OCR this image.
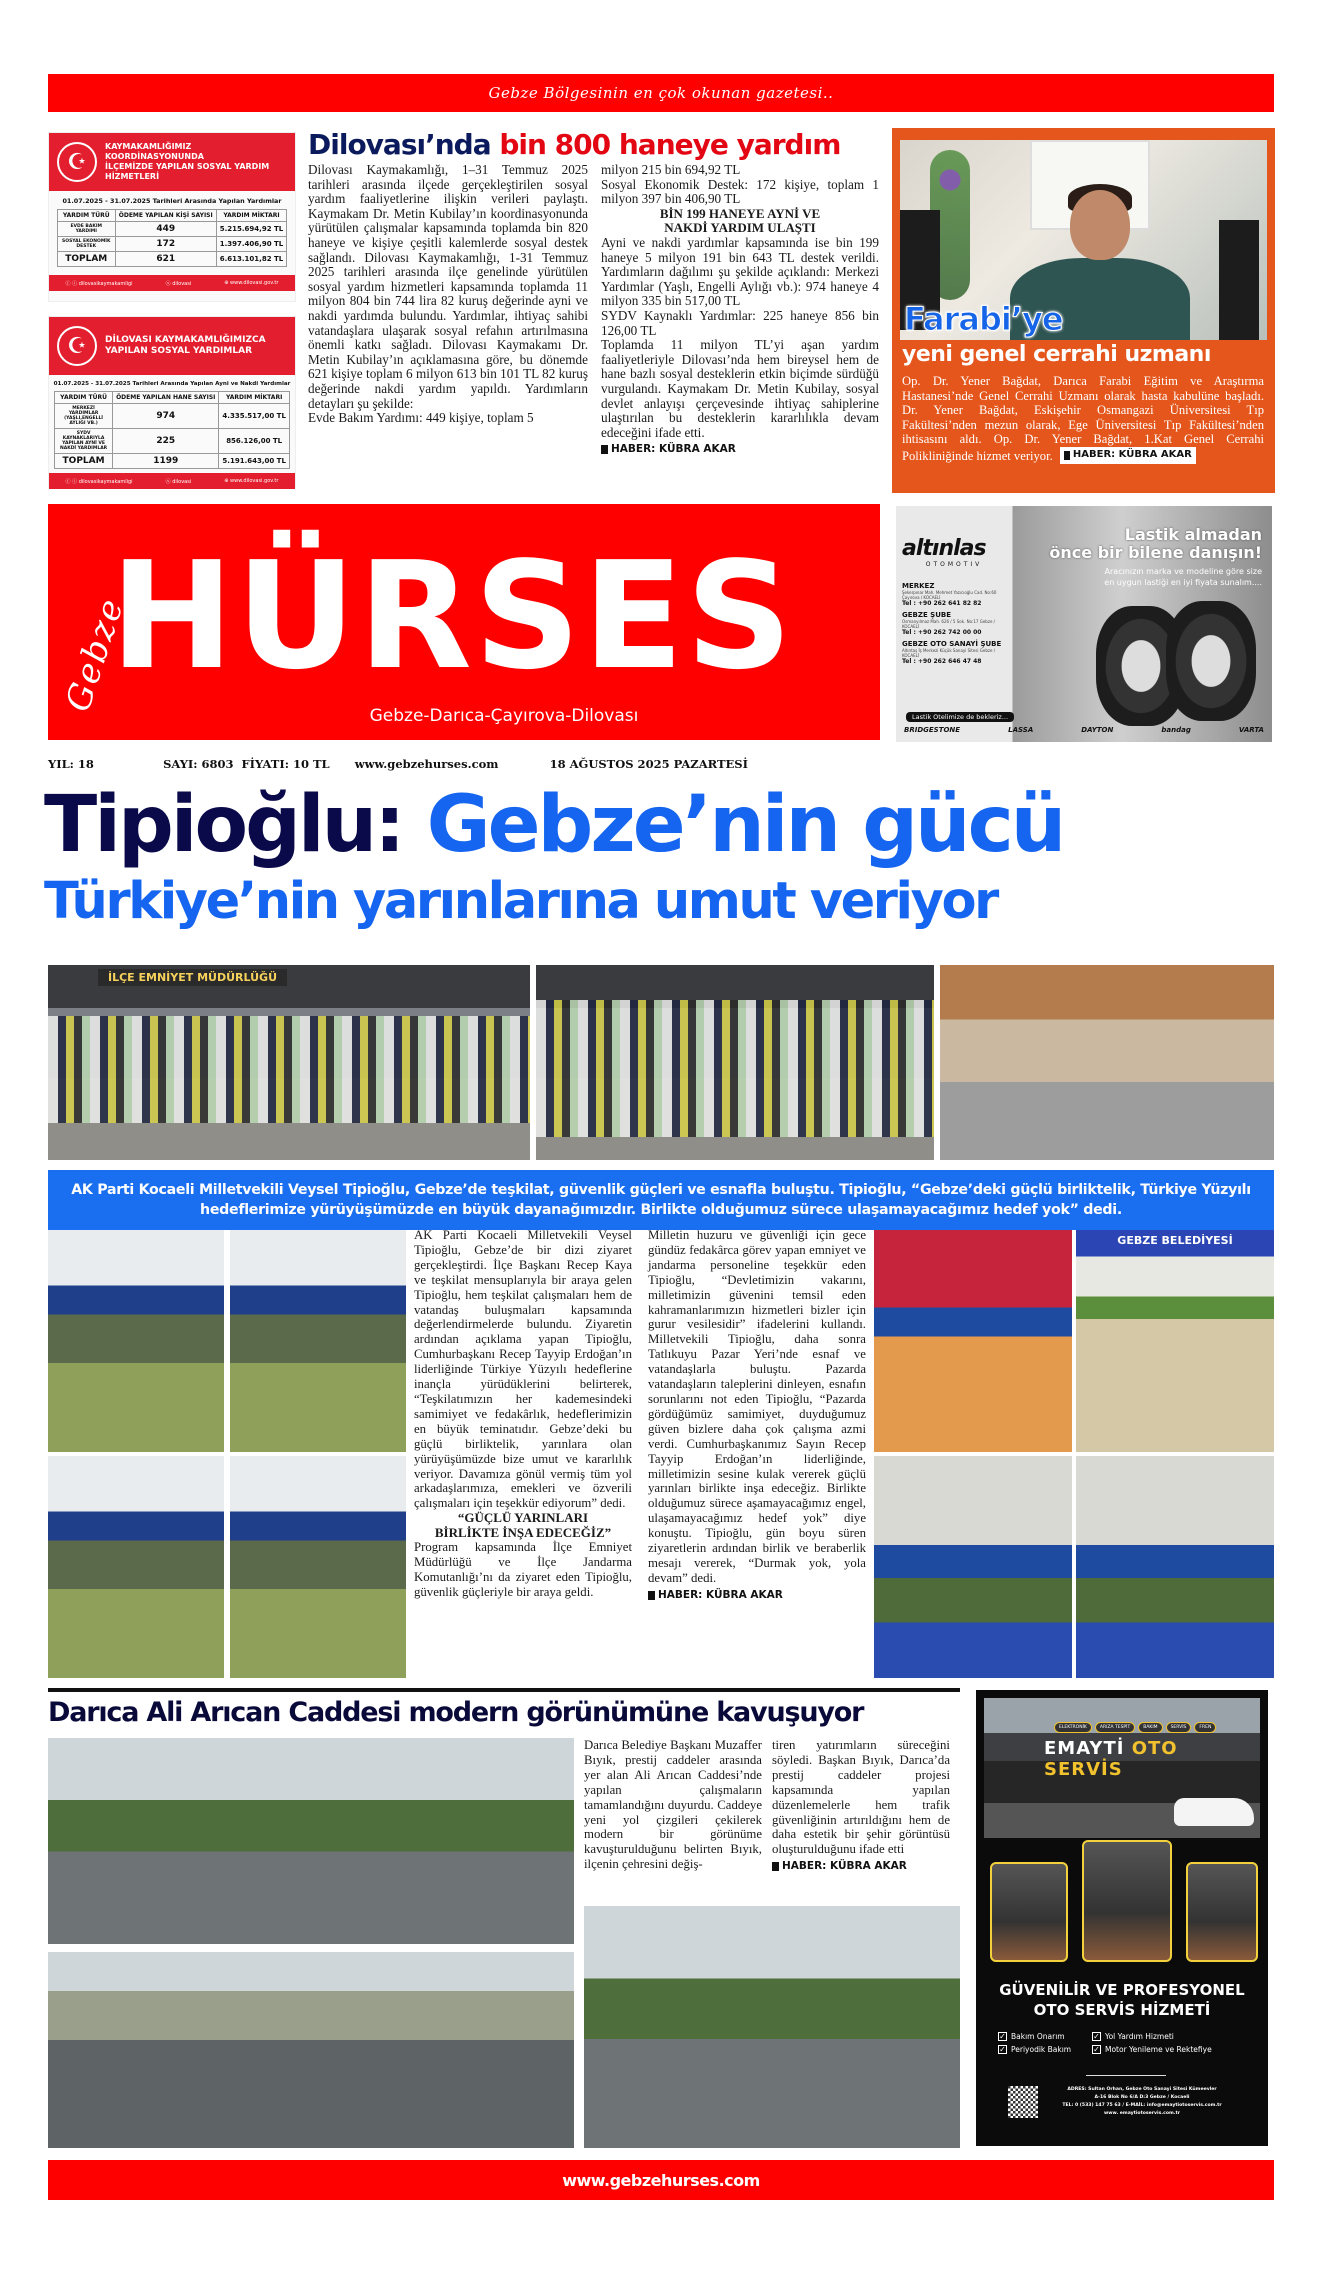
Gebze Bölgesinin en çok okunan gazetesi..
☪
KAYMAKAMLIĞIMIZ KOORDİNASYONUNDA
İLÇEMİZDE YAPILAN SOSYAL YARDIM HİZMETLERİ
01.07.2025 - 31.07.2025 Tarihleri Arasında Yapılan Yardımlar
YARDIM TÜRÜ	ÖDEME YAPILAN KİŞİ SAYISI	YARDIM MİKTARI
EVDE BAKIM YARDIMI	449	5.215.694,92 TL
SOSYAL EKONOMİK DESTEK	172	1.397.406,90 TL
TOPLAM	621	6.613.101,82 TL
ⓕ ⓘ dilovasikaymakamligi	ⓧ dilovasi	⊕ www.dilovasi.gov.tr
☪	DİLOVASI KAYMAKAMLIĞIMIZCA
YAPILAN SOSYAL YARDIMLAR
01.07.2025 - 31.07.2025 Tarihleri Arasında Yapılan Ayni ve Nakdi Yardımlar
YARDIM TÜRÜ	ÖDEME YAPILAN HANE SAYISI	YARDIM MİKTARI
MERKEZİ YARDIMLAR (YAŞLI,ENGELLİ AYLIĞI VB.)	974	4.335.517,00 TL
SYDV KAYNAKLARIYLA YAPILAN AYNİ VE NAKDİ YARDIMLAR	225	856.126,00 TL
TOPLAM	1199	5.191.643,00 TL
ⓕ ⓘ dilovasikaymakamligi	ⓧ dilovasi	⊕ www.dilovasi.gov.tr
Dilovası’nda bin 800 haneye yardım

Dilovası Kaymakamlığı, 1–31 Temmuz 2025 tarihleri arasında ilçede gerçekleştirilen sosyal yardım faaliyetlerine ilişkin verileri paylaştı. Kaymakam Dr. Metin Kubilay’ın koordinasyonunda yürütülen çalışmalar kapsamında toplamda bin 820 haneye ve kişiye çeşitli kalemlerde sosyal destek sağlandı. Dilovası Kaymakamlığı, 1-31 Temmuz 2025 tarihleri arasında ilçe genelinde yürütülen sosyal yardım hizmetleri kapsamında toplamda 11 milyon 804 bin 744 lira 82 kuruş değerinde ayni ve nakdi yardımda bulundu. Yardımlar, ihtiyaç sahibi vatandaşlara ulaşarak sosyal refahın artırılmasına önemli katkı sağladı. Dilovası Kaymakamı Dr. Metin Kubilay’ın açıklamasına göre, bu dönemde 621 kişiye toplam 6 milyon 613 bin 101 TL 82 kuruş değerinde nakdi yardım yapıldı. Yardımların detayları şu şekilde:

Evde Bakım Yardımı: 449 kişiye, toplam 5

milyon 215 bin 694,92 TL

Sosyal Ekonomik Destek: 172 kişiye, toplam 1 milyon 397 bin 406,90 TL

BİN 199 HANEYE AYNİ VE
NAKDİ YARDIM ULAŞTI

Ayni ve nakdi yardımlar kapsamında ise bin 199 haneye 5 milyon 191 bin 643 TL destek verildi. Yardımların dağılımı şu şekilde açıklandı: Merkezi Yardımlar (Yaşlı, Engelli Aylığı vb.): 974 haneye 4 milyon 335 bin 517,00 TL

SYDV Kaynaklı Yardımlar: 225 haneye 856 bin 126,00 TL

Toplamda 11 milyon TL’yi aşan yardım faaliyetleriyle Dilovası’nda hem bireysel hem de hane bazlı sosyal desteklerin etkin biçimde sürdüğü vurgulandı. Kaymakam Dr. Metin Kubilay, sosyal devlet anlayışı çerçevesinde ihtiyaç sahiplerine ulaştırılan bu desteklerin kararlılıkla devam edeceğini ifade etti.

HABER: KÜBRA AKAR
Farabi’ye
yeni genel cerrahi uzmanı
Op. Dr. Yener Bağdat, Darıca Farabi Eğitim ve Araştırma Hastanesi’nde Genel Cerrahi Uzmanı olarak hasta kabulüne başladı. Dr. Yener Bağdat, Eskişehir Osmangazi Üniversitesi Tıp Fakültesi’nden mezun olarak, Ege Üniversitesi Tıp Fakültesi’nden ihtisasını aldı. Op. Dr. Yener Bağdat, 1.Kat Genel Cerrahi Polikliniğinde hizmet veriyor. HABER: KÜBRA AKAR
Gebze
HÜRSES
Gebze-Darıca-Çayırova-Dilovası
altınlas
OTOMOTIV
MERKEZ
Şekerpınar Mah. Mehmet Yazıcıoğlu Cad. No:60 Çayırova / KOCAELİ
Tel : +90 262 641 82 82
GEBZE ŞUBE
Osmanyılmaz Mah. 626 / 5 Sok. No:17 Gebze / KOCAELİ
Tel : +90 262 742 00 00
GEBZE OTO SANAYİ ŞUBE
Altıntaş İş Merkezi Küçük Sanayi Sitesi Gebze / KOCAELİ
Tel : +90 262 646 47 48
Lastik almadan
önce bir bilene danışın!
Aracınızın marka ve modeline göre size
en uygun lastiği en iyi fiyata sunalım....
Lastik Otelimize de bekleriz...
BRIDGESTONE	LASSA	DAYTON	bandag	VARTA
YIL: 18	SAYI: 6803 FİYATI: 10 TL www.gebzehurses.com	18 AĞUSTOS 2025 PAZARTESİ
Tipioğlu: Gebze’nin gücü
Türkiye’nin yarınlarına umut veriyor
İLÇE EMNİYET MÜDÜRLÜĞÜ
AK Parti Kocaeli Milletvekili Veysel Tipioğlu, Gebze’de teşkilat, güvenlik güçleri ve esnafla buluştu. Tipioğlu, “Gebze’deki güçlü birliktelik, Türkiye Yüzyılı hedeflerimize yürüyüşümüzde en büyük dayanağımızdır. Birlikte olduğumuz sürece ulaşamayacağımız hedef yok” dedi.

AK Parti Kocaeli Milletvekili Veysel Tipioğlu, Gebze’de bir dizi ziyaret gerçekleştirdi. İlçe Başkanı Recep Kaya ve teşkilat mensuplarıyla bir araya gelen Tipioğlu, hem teşkilat çalışmaları hem de vatandaş buluşmaları kapsamında değerlendirmelerde bulundu. Ziyaretin ardından açıklama yapan Tipioğlu, Cumhurbaşkanı Recep Tayyip Erdoğan’ın liderliğinde Türkiye Yüzyılı hedeflerine inançla yürüdüklerini belirterek, “Teşkilatımızın her kademesindeki samimiyet ve fedakârlık, hedeflerimizin en büyük teminatıdır. Gebze’deki bu güçlü birliktelik, yarınlara olan yürüyüşümüzde bize umut ve kararlılık veriyor. Davamıza gönül vermiş tüm yol arkadaşlarımıza, emekleri ve özverili çalışmaları için teşekkür ediyorum” dedi.

“GÜÇLÜ YARINLARI
BİRLİKTE İNŞA EDECEĞİZ”

Program kapsamında İlçe Emniyet Müdürlüğü ve İlçe Jandarma Komutanlığı’nı da ziyaret eden Tipioğlu, güvenlik güçleriyle bir araya geldi.

Milletin huzuru ve güvenliği için gece gündüz fedakârca görev yapan emniyet ve jandarma personeline teşekkür eden Tipioğlu, “Devletimizin vakarını, milletimizin güvenini temsil eden kahramanlarımızın hizmetleri bizler için gurur vesilesidir” ifadelerini kullandı. Milletvekili Tipioğlu, daha sonra Tatlıkuyu Pazar Yeri’nde esnaf ve vatandaşlarla buluştu. Pazarda vatandaşların taleplerini dinleyen, esnafın sorunlarını not eden Tipioğlu, “Pazarda gördüğümüz samimiyet, duyduğumuz güven bizlere daha çok çalışma azmi verdi. Cumhurbaşkanımız Sayın Recep Tayyip Erdoğan’ın liderliğinde, milletimizin sesine kulak vererek güçlü yarınları birlikte inşa edeceğiz. Birlikte olduğumuz sürece aşamayacağımız engel, ulaşamayacağımız hedef yok” diye konuştu. Tipioğlu, gün boyu süren ziyaretlerin ardından birlik ve beraberlik mesajı vererek, “Durmak yok, yola devam” dedi.

HABER: KÜBRA AKAR
GEBZE BELEDİYESİ
Darıca Ali Arıcan Caddesi modern görünümüne kavuşuyor
Darıca Belediye Başkanı Muzaffer Bıyık, prestij caddeler arasında yer alan Ali Arıcan Caddesi’nde yapılan çalışmaların tamamlandığını duyurdu. Caddeye yeni yol çizgileri çekilerek modern bir görünüme kavuşturulduğunu belirten Bıyık, ilçenin çehresini değiş-

tiren yatırımların süreceğini söyledi. Başkan Bıyık, Darıca’da prestij caddeler projesi kapsamında yapılan düzenlemelerle hem trafik güvenliğinin artırıldığını hem de daha estetik bir şehir görüntüsü oluşturulduğunu ifade etti

HABER: KÜBRA AKAR
ELEKTRONİK	ARIZA TESPİT	BAKIM	SERVİS	FREN
EMAYTİ OTO SERVİS
GÜVENİLİR VE PROFESYONEL
OTO SERVİS HİZMETİ
✓ Bakım Onarım	✓ Yol Yardım Hizmeti
✓ Periyodik Bakım	✓ Motor Yenileme ve Rektefiye
ADRES: Sultan Orhan, Gebze Oto Sanayi Sitesi Kümeevler
A-16 Blok No 6/A D:3 Gebze / Kocaeli
TEL: 0 (533) 147 75 63 / E-MAİL: info@emaytiotoservis.com.tr
www. emaytiotoservis.com.tr
www.gebzehurses.com
